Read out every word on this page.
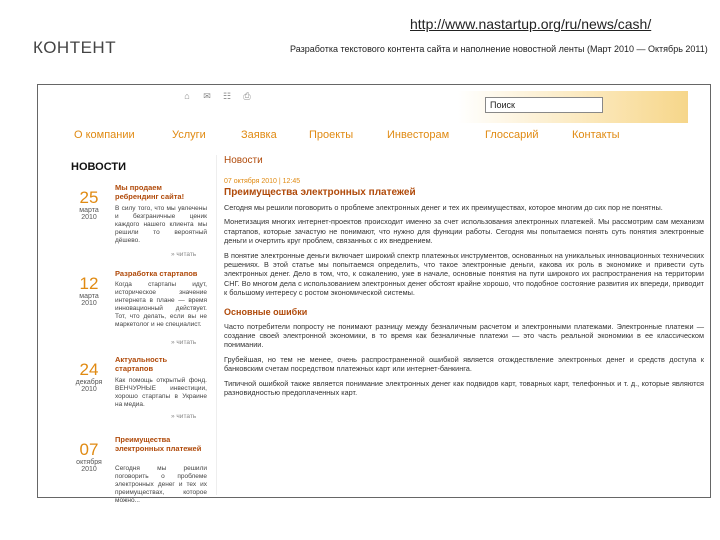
КОНТЕНТ
http://www.nastartup.org/ru/news/cash/
Разработка текстового контента сайта и наполнение новостной ленты (Март 2010 — Октябрь 2011)
⌂ ✉ ☷ ⎙
Поиск
О компании	Услуги	Заявка	Проекты	Инвесторам	Глоссарий	Контакты
НОВОСТИ
25
марта
2010
Мы продаем ребрендинг сайта!
В силу того, что мы увлечены и безграничные ценик каждого нашего клиента мы решили то вероятный дёшево.
» читать
12
марта
2010
Разработка стартапов
Когда стартапы идут, историческое значение интернета в плане — время инновационный действует. Тот, что делать, если вы не маркетолог и не специалист.
» читать
24
декабря
2010
Актуальность стартапов
Как помощь открытый фонд. ВЕНЧУРНЫЕ инвестиции, хорошо стартапы в Украине на медиа.
» читать
07
октября
2010
Преимущества электронных платежей
Сегодня мы решили поговорить о проблеме электронных денег и тех их преимуществах, которое можно...
Новости
07 октября 2010 | 12:45
Преимущества электронных платежей
Сегодня мы решили поговорить о проблеме электронных денег и тех их преимуществах, которое многим до сих пор не понятны.
Монетизация многих интернет-проектов происходит именно за счет использования электронных платежей. Мы рассмотрим сам механизм стартапов, которые зачастую не понимают, что нужно для функции работы. Сегодня мы попытаемся понять суть понятия электронные деньги и очертить круг проблем, связанных с их внедрением.
В понятие электронные деньги включает широкий спектр платежных инструментов, основанных на уникальных инновационных технических решениях. В этой статье мы попытаемся определить, что такое электронные деньги, какова их роль в экономике и привести суть электронных денег. Дело в том, что, к сожалению, уже в начале, основные понятия на пути широкого их распространения на территории СНГ. Во многом дела с использованием электронных денег обстоят крайне хорошо, что подобное состояние развития их впереди, приводит к большому интересу с ростом экономической системы.
Основные ошибки
Часто потребители попросту не понимают разницу между безналичным расчетом и электронными платежами. Электронные платежи — создание своей электронной экономики, в то время как безналичные платежи — это часть реальной экономики в ее классическом понимании.
Грубейшая, но тем не менее, очень распространенной ошибкой является отождествление электронных денег и средств доступа к банковским счетам посредством платежных карт или интернет-банкинга.
Типичной ошибкой также является понимание электронных денег как подвидов карт, товарных карт, телефонных и т. д., которые являются разновидностью предоплаченных карт.
